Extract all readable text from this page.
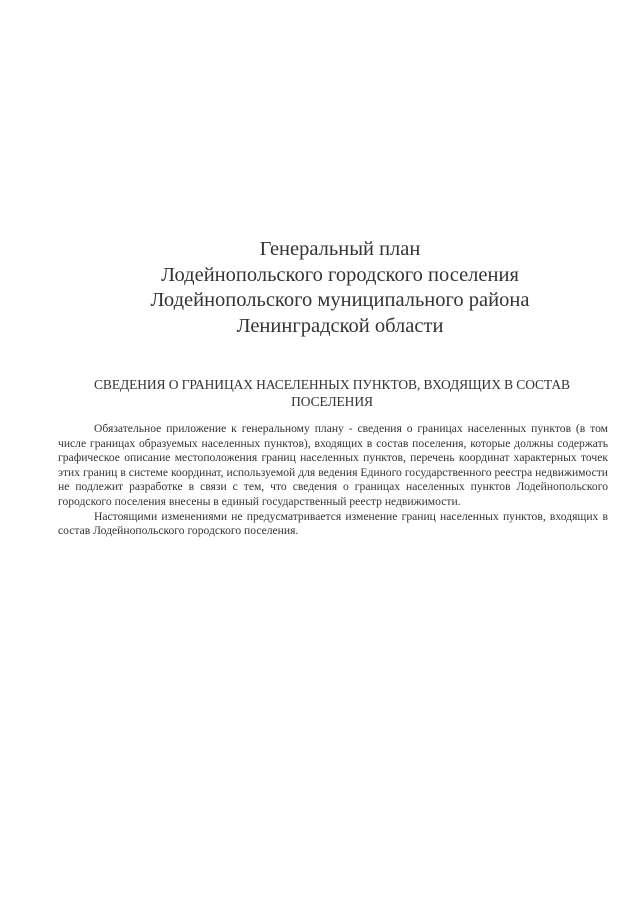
Генеральный план
Лодейнопольского городского поселения
Лодейнопольского муниципального района
Ленинградской области
СВЕДЕНИЯ О ГРАНИЦАХ НАСЕЛЕННЫХ ПУНКТОВ, ВХОДЯЩИХ В СОСТАВ ПОСЕЛЕНИЯ

Обязательное приложение к генеральному плану - сведения о границах населенных пунктов (в том числе границах образуемых населенных пунктов), входящих в состав поселения, которые должны содержать графическое описание местоположения границ населенных пунктов, перечень координат характерных точек этих границ в системе координат, используемой для ведения Единого государственного реестра недвижимости не подлежит разработке в связи с тем, что сведения о границах населенных пунктов Лодейнопольского городского поселения внесены в единый государственный реестр недвижимости.

Настоящими изменениями не предусматривается изменение границ населенных пунктов, входящих в состав Лодейнопольского городского поселения.
